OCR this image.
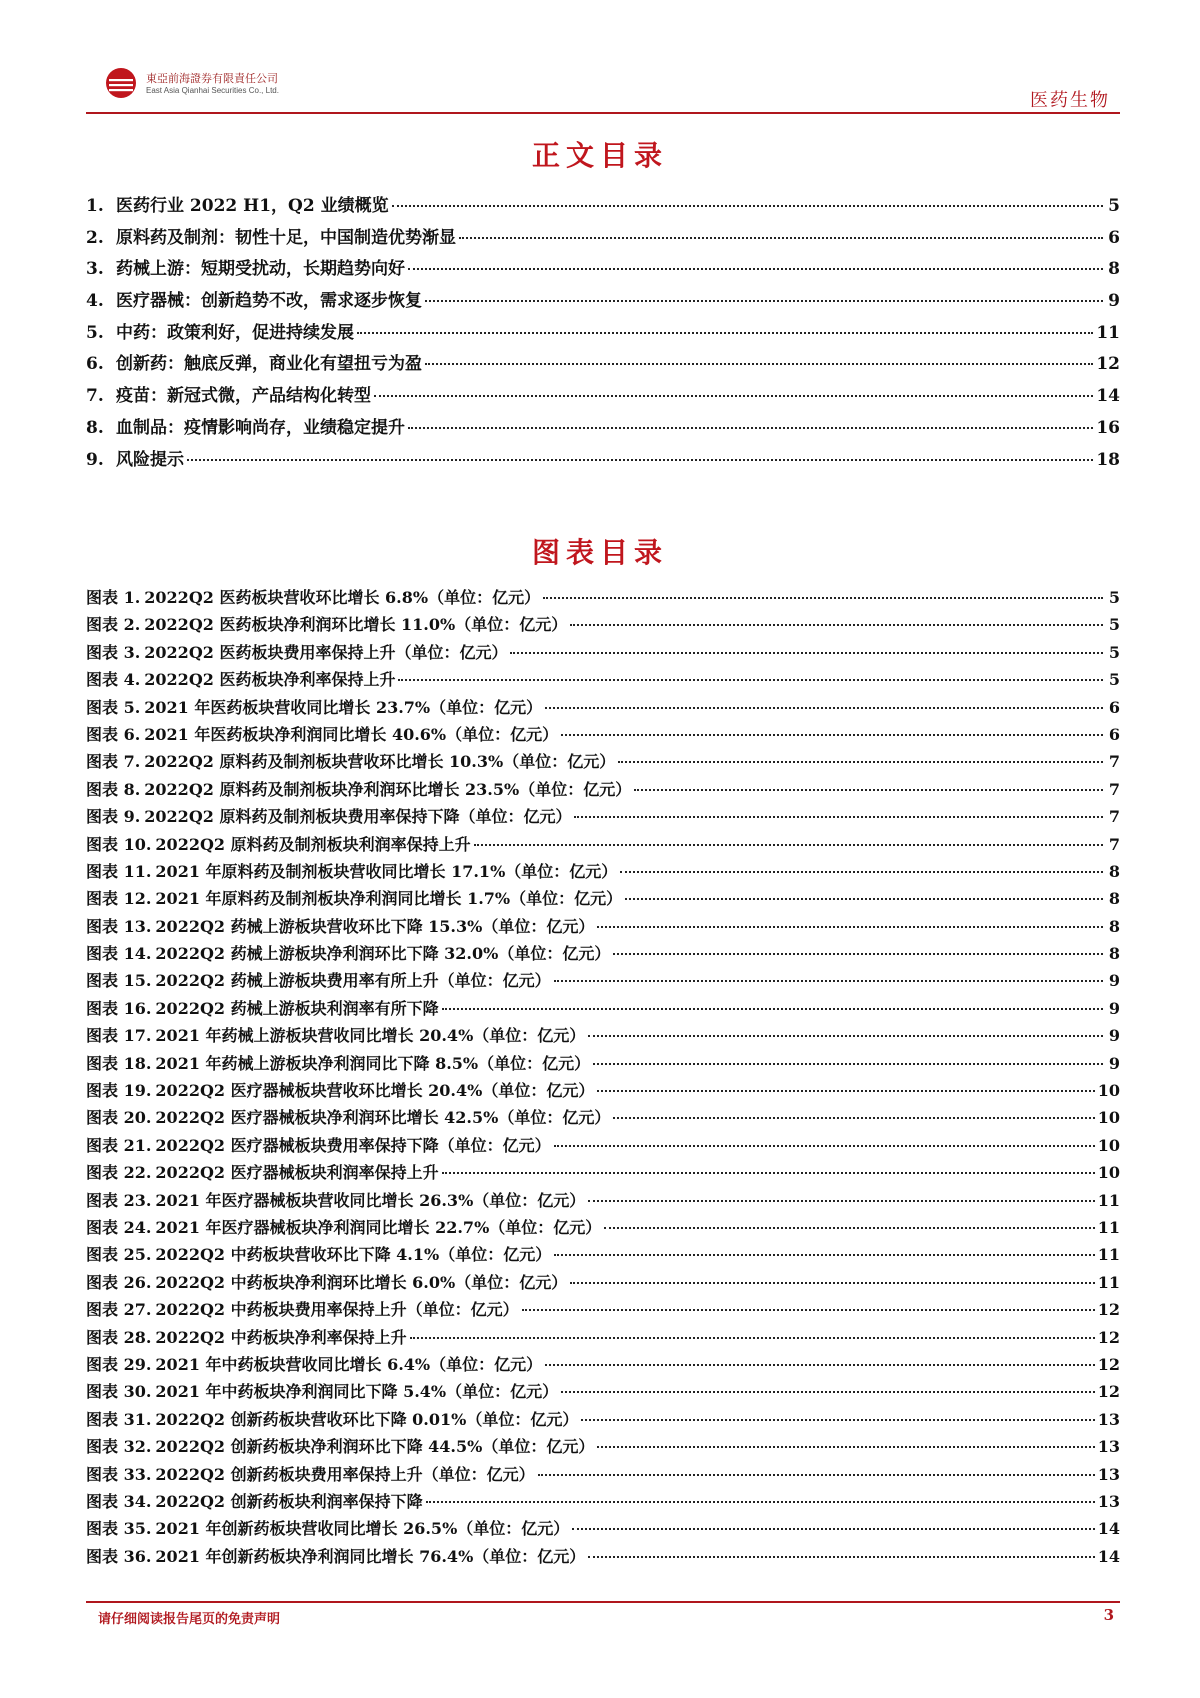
東亞前海證券有限責任公司
East Asia Qianhai Securities Co., Ltd.	医药生物
正文目录
1. 医药行业 2022 H1，Q2 业绩概览	5
2. 原料药及制剂：韧性十足，中国制造优势渐显	6
3. 药械上游：短期受扰动，长期趋势向好	8
4. 医疗器械：创新趋势不改，需求逐步恢复	9
5. 中药：政策利好，促进持续发展	11
6. 创新药：触底反弹，商业化有望扭亏为盈	12
7. 疫苗：新冠式微，产品结构化转型	14
8. 血制品：疫情影响尚存，业绩稳定提升	16
9. 风险提示	18
图表目录
图表 1. 2022Q2 医药板块营收环比增长 6.8%（单位：亿元）	5
图表 2. 2022Q2 医药板块净利润环比增长 11.0%（单位：亿元）	5
图表 3. 2022Q2 医药板块费用率保持上升（单位：亿元）	5
图表 4. 2022Q2 医药板块净利率保持上升	5
图表 5. 2021 年医药板块营收同比增长 23.7%（单位：亿元）	6
图表 6. 2021 年医药板块净利润同比增长 40.6%（单位：亿元）	6
图表 7. 2022Q2 原料药及制剂板块营收环比增长 10.3%（单位：亿元）	7
图表 8. 2022Q2 原料药及制剂板块净利润环比增长 23.5%（单位：亿元）	7
图表 9. 2022Q2 原料药及制剂板块费用率保持下降（单位：亿元）	7
图表 10. 2022Q2 原料药及制剂板块利润率保持上升	7
图表 11. 2021 年原料药及制剂板块营收同比增长 17.1%（单位：亿元）	8
图表 12. 2021 年原料药及制剂板块净利润同比增长 1.7%（单位：亿元）	8
图表 13. 2022Q2 药械上游板块营收环比下降 15.3%（单位：亿元）	8
图表 14. 2022Q2 药械上游板块净利润环比下降 32.0%（单位：亿元）	8
图表 15. 2022Q2 药械上游板块费用率有所上升（单位：亿元）	9
图表 16. 2022Q2 药械上游板块利润率有所下降	9
图表 17. 2021 年药械上游板块营收同比增长 20.4%（单位：亿元）	9
图表 18. 2021 年药械上游板块净利润同比下降 8.5%（单位：亿元）	9
图表 19. 2022Q2 医疗器械板块营收环比增长 20.4%（单位：亿元）	10
图表 20. 2022Q2 医疗器械板块净利润环比增长 42.5%（单位：亿元）	10
图表 21. 2022Q2 医疗器械板块费用率保持下降（单位：亿元）	10
图表 22. 2022Q2 医疗器械板块利润率保持上升	10
图表 23. 2021 年医疗器械板块营收同比增长 26.3%（单位：亿元）	11
图表 24. 2021 年医疗器械板块净利润同比增长 22.7%（单位：亿元）	11
图表 25. 2022Q2 中药板块营收环比下降 4.1%（单位：亿元）	11
图表 26. 2022Q2 中药板块净利润环比增长 6.0%（单位：亿元）	11
图表 27. 2022Q2 中药板块费用率保持上升（单位：亿元）	12
图表 28. 2022Q2 中药板块净利率保持上升	12
图表 29. 2021 年中药板块营收同比增长 6.4%（单位：亿元）	12
图表 30. 2021 年中药板块净利润同比下降 5.4%（单位：亿元）	12
图表 31. 2022Q2 创新药板块营收环比下降 0.01%（单位：亿元）	13
图表 32. 2022Q2 创新药板块净利润环比下降 44.5%（单位：亿元）	13
图表 33. 2022Q2 创新药板块费用率保持上升（单位：亿元）	13
图表 34. 2022Q2 创新药板块利润率保持下降	13
图表 35. 2021 年创新药板块营收同比增长 26.5%（单位：亿元）	14
图表 36. 2021 年创新药板块净利润同比增长 76.4%（单位：亿元）	14
请仔细阅读报告尾页的免责声明	3
